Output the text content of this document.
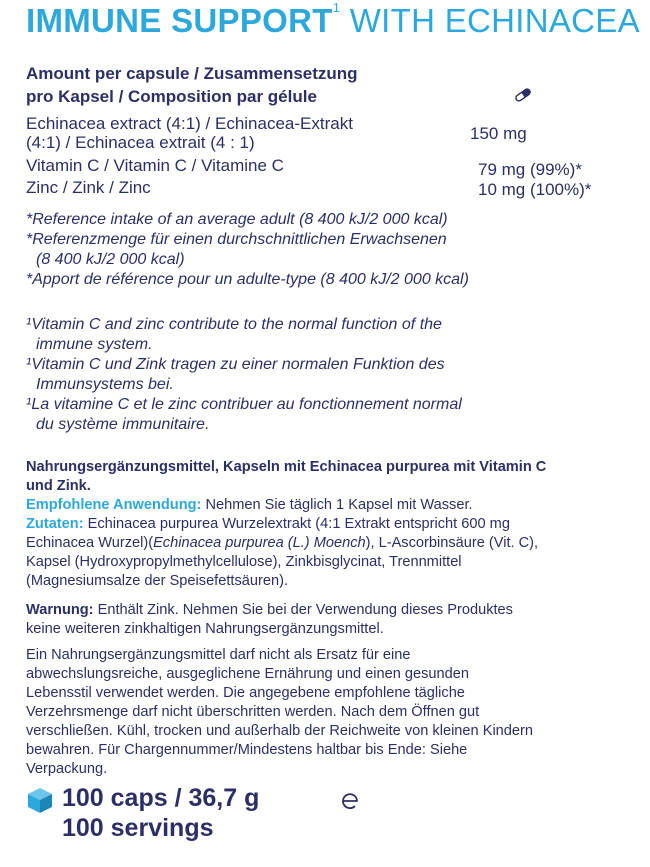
IMMUNE SUPPORT$^1$ WITH ECHINACEA
Amount per capsule / Zusammensetzung
pro Kapsel / Composition par gélule
Echinacea extract (4:1) / Echinacea-Extrakt
(4:1) / Echinacea extrait (4 : 1)	150 mg
Vitamin C / Vitamin C / Vitamine C	79 mg (99%)*
Zinc / Zink / Zinc	10 mg (100%)*

*Reference intake of an average adult (8 400 kJ/2 000 kcal)

*Referenzmenge für einen durchschnittlichen Erwachsenen

(8 400 kJ/2 000 kcal)

*Apport de référence pour un adulte-type (8 400 kJ/2 000 kcal)

¹Vitamin C and zinc contribute to the normal function of the

immune system.

¹Vitamin C und Zink tragen zu einer normalen Funktion des

Immunsystems bei.

¹La vitamine C et le zinc contribuer au fonctionnement normal

du système immunitaire.

Nahrungsergänzungsmittel, Kapseln mit Echinacea purpurea mit Vitamin C

und Zink.

Empfohlene Anwendung: Nehmen Sie täglich 1 Kapsel mit Wasser.

Zutaten: Echinacea purpurea Wurzelextrakt (4:1 Extrakt entspricht 600 mg

Echinacea Wurzel)(Echinacea purpurea (L.) Moench), L-Ascorbinsäure (Vit. C),

Kapsel (Hydroxypropylmethylcellulose), Zinkbisglycinat, Trennmittel

(Magnesiumsalze der Speisefettsäuren).

Warnung: Enthält Zink. Nehmen Sie bei der Verwendung dieses Produktes

keine weiteren zinkhaltigen Nahrungsergänzungsmittel.

Ein Nahrungsergänzungsmittel darf nicht als Ersatz für eine

abwechslungsreiche, ausgeglichene Ernährung und einen gesunden

Lebensstil verwendet werden. Die angegebene empfohlene tägliche

Verzehrsmenge darf nicht überschritten werden. Nach dem Öffnen gut

verschließen. Kühl, trocken und außerhalb der Reichweite von kleinen Kindern

bewahren. Für Chargennummer/Mindestens haltbar bis Ende: Siehe

Verpackung.

100 caps / 36,7 g
100 servings
